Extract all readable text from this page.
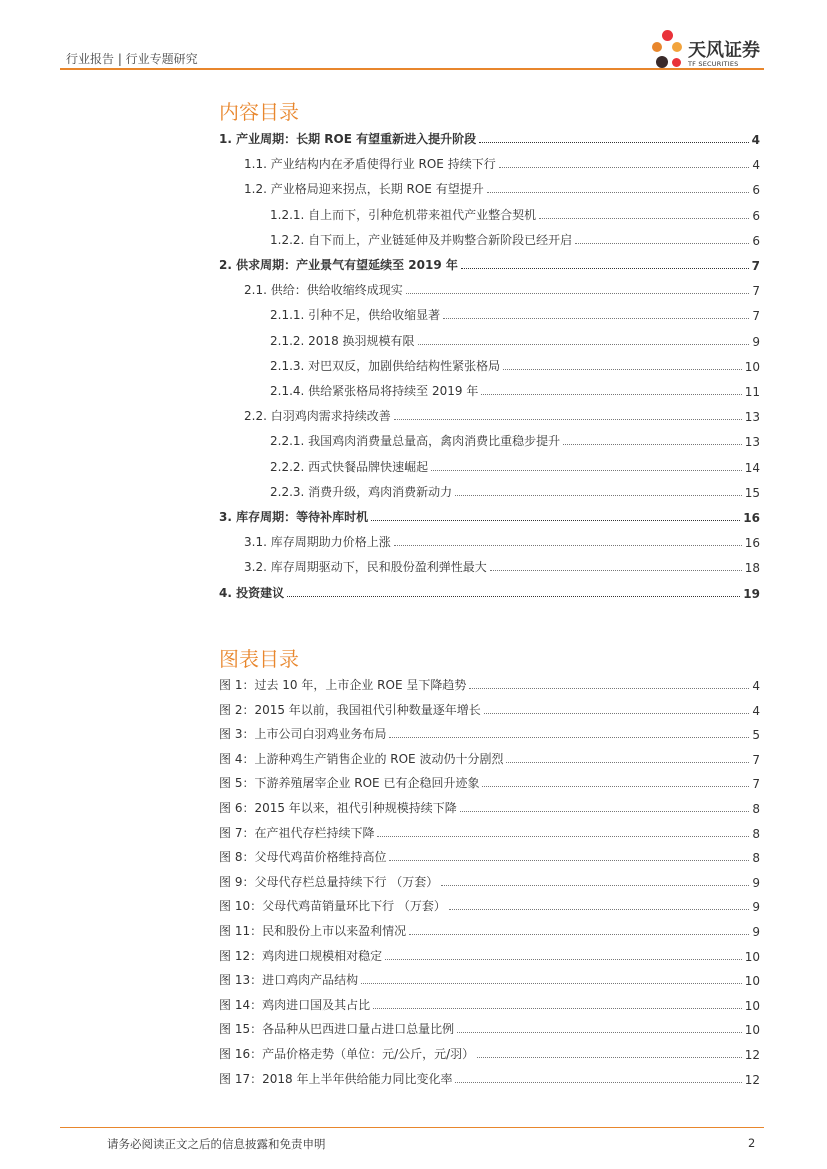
行业报告 | 行业专题研究	天风证券
TF SECURITIES
内容目录
1. 产业周期：长期 ROE 有望重新进入提升阶段	4
1.1. 产业结构内在矛盾使得行业 ROE 持续下行	4
1.2. 产业格局迎来拐点，长期 ROE 有望提升	6
1.2.1. 自上而下，引种危机带来祖代产业整合契机	6
1.2.2. 自下而上，产业链延伸及并购整合新阶段已经开启	6
2. 供求周期：产业景气有望延续至 2019 年	7
2.1. 供给：供给收缩终成现实	7
2.1.1. 引种不足，供给收缩显著	7
2.1.2. 2018 换羽规模有限	9
2.1.3. 对巴双反，加剧供给结构性紧张格局	10
2.1.4. 供给紧张格局将持续至 2019 年	11
2.2. 白羽鸡肉需求持续改善	13
2.2.1. 我国鸡肉消费量总量高，禽肉消费比重稳步提升	13
2.2.2. 西式快餐品牌快速崛起	14
2.2.3. 消费升级，鸡肉消费新动力	15
3. 库存周期：等待补库时机	16
3.1. 库存周期助力价格上涨	16
3.2. 库存周期驱动下，民和股份盈利弹性最大	18
4. 投资建议	19
图表目录
图 1：过去 10 年，上市企业 ROE 呈下降趋势	4
图 2：2015 年以前，我国祖代引种数量逐年增长	4
图 3：上市公司白羽鸡业务布局	5
图 4：上游种鸡生产销售企业的 ROE 波动仍十分剧烈	7
图 5：下游养殖屠宰企业 ROE 已有企稳回升迹象	7
图 6：2015 年以来，祖代引种规模持续下降	8
图 7：在产祖代存栏持续下降	8
图 8：父母代鸡苗价格维持高位	8
图 9：父母代存栏总量持续下行 （万套）	9
图 10：父母代鸡苗销量环比下行 （万套）	9
图 11：民和股份上市以来盈利情况	9
图 12：鸡肉进口规模相对稳定	10
图 13：进口鸡肉产品结构	10
图 14：鸡肉进口国及其占比	10
图 15：各品种从巴西进口量占进口总量比例	10
图 16：产品价格走势（单位：元/公斤，元/羽）	12
图 17：2018 年上半年供给能力同比变化率	12
请务必阅读正文之后的信息披露和免责申明	2
